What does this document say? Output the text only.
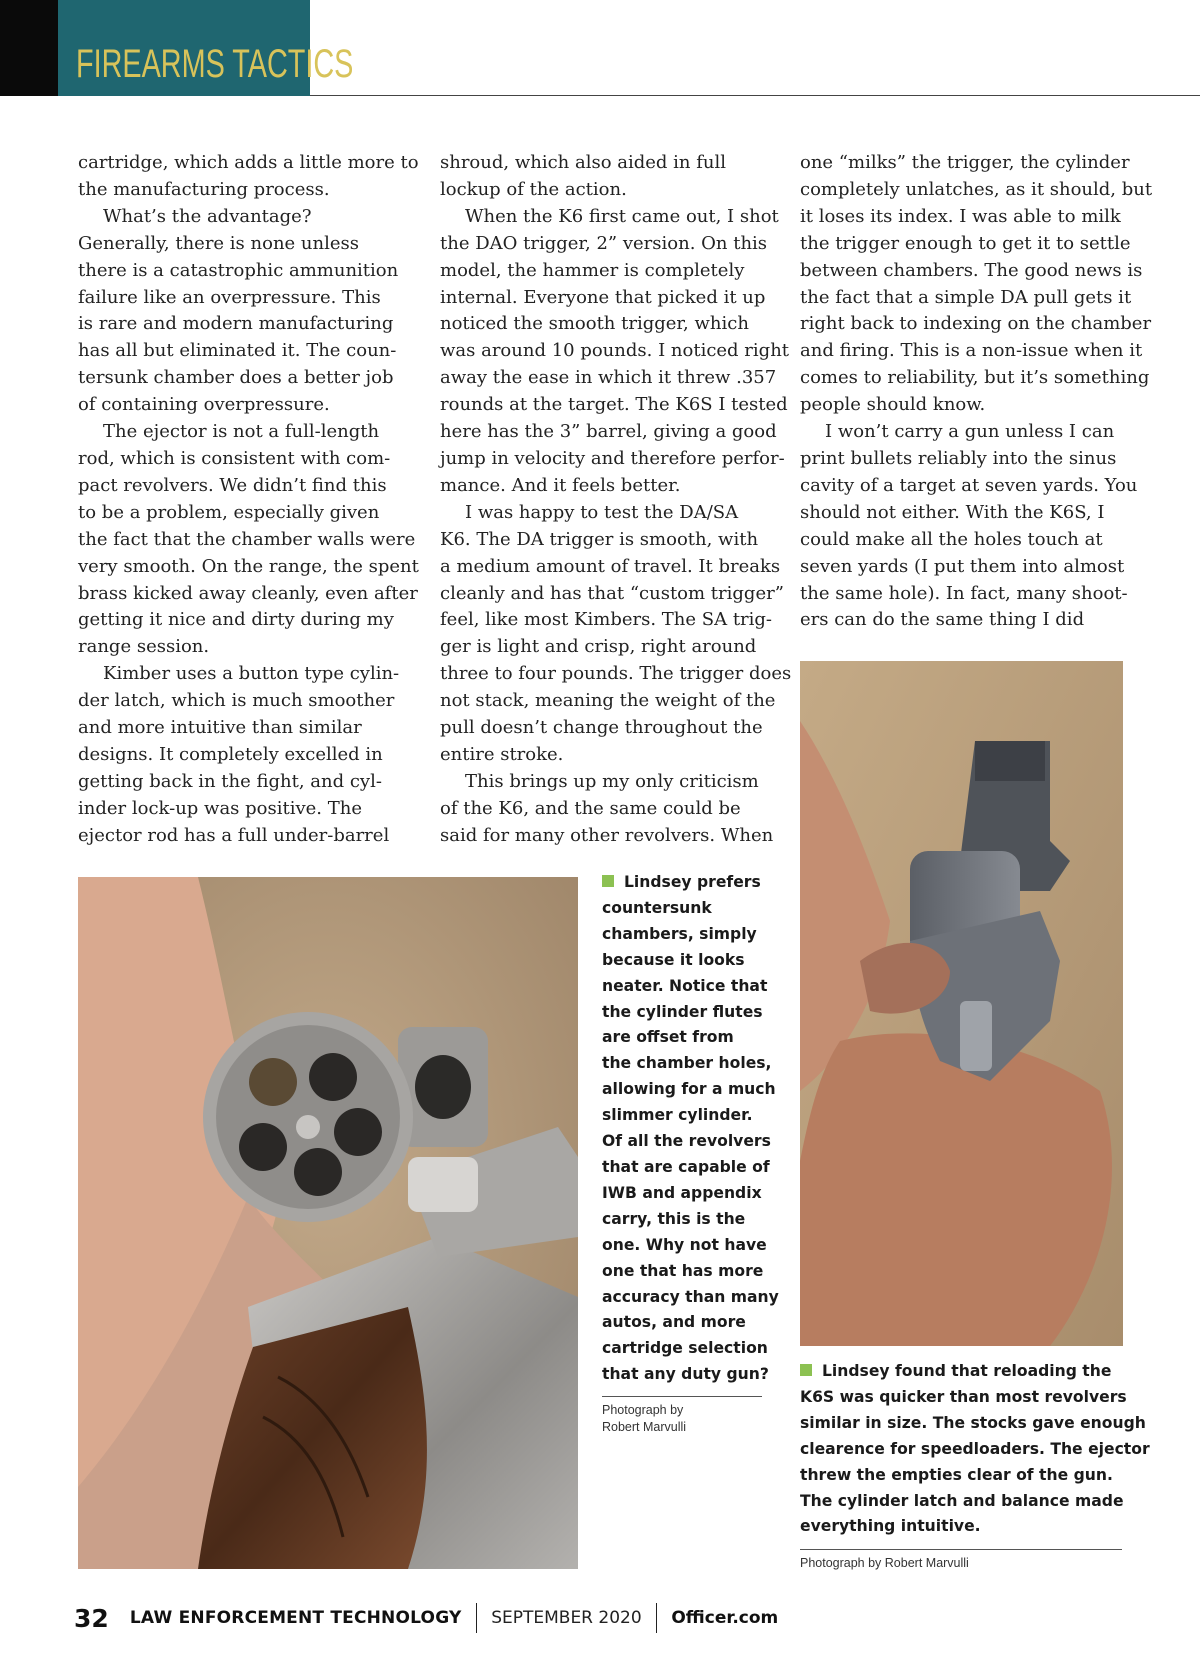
FIREARMS TACTICS

cartridge, which adds a little more to

the manufacturing process.

What’s the advantage?

Generally, there is none unless

there is a catastrophic ammunition

failure like an overpressure. This

is rare and modern manufacturing

has all but eliminated it. The coun-

tersunk chamber does a better job

of containing overpressure.

The ejector is not a full-length

rod, which is consistent with com-

pact revolvers. We didn’t find this

to be a problem, especially given

the fact that the chamber walls were

very smooth. On the range, the spent

brass kicked away cleanly, even after

getting it nice and dirty during my

range session.

Kimber uses a button type cylin-

der latch, which is much smoother

and more intuitive than similar

designs. It completely excelled in

getting back in the fight, and cyl-

inder lock-up was positive. The

ejector rod has a full under-barrel

shroud, which also aided in full

lockup of the action.

When the K6 first came out, I shot

the DAO trigger, 2” version. On this

model, the hammer is completely

internal. Everyone that picked it up

noticed the smooth trigger, which

was around 10 pounds. I noticed right

away the ease in which it threw .357

rounds at the target. The K6S I tested

here has the 3” barrel, giving a good

jump in velocity and therefore perfor-

mance. And it feels better.

I was happy to test the DA/SA

K6. The DA trigger is smooth, with

a medium amount of travel. It breaks

cleanly and has that “custom trigger”

feel, like most Kimbers. The SA trig-

ger is light and crisp, right around

three to four pounds. The trigger does

not stack, meaning the weight of the

pull doesn’t change throughout the

entire stroke.

This brings up my only criticism

of the K6, and the same could be

said for many other revolvers. When

one “milks” the trigger, the cylinder

completely unlatches, as it should, but

it loses its index. I was able to milk

the trigger enough to get it to settle

between chambers. The good news is

the fact that a simple DA pull gets it

right back to indexing on the chamber

and firing. This is a non-issue when it

comes to reliability, but it’s something

people should know.

I won’t carry a gun unless I can

print bullets reliably into the sinus

cavity of a target at seven yards. You

should not either. With the K6S, I

could make all the holes touch at

seven yards (I put them into almost

the same hole). In fact, many shoot-

ers can do the same thing I did

Lindsey prefers

countersunk

chambers, simply

because it looks

neater. Notice that

the cylinder flutes

are offset from

the chamber holes,

allowing for a much

slimmer cylinder.

Of all the revolvers

that are capable of

IWB and appendix

carry, this is the

one. Why not have

one that has more

accuracy than many

autos, and more

cartridge selection

that any duty gun?

Photograph by

Robert Marvulli

Lindsey found that reloading the

K6S was quicker than most revolvers

similar in size. The stocks gave enough

clearence for speedloaders. The ejector

threw the empties clear of the gun.

The cylinder latch and balance made

everything intuitive.

Photograph by Robert Marvulli

32 LAW ENFORCEMENT TECHNOLOGY SEPTEMBER 2020 Officer.com
